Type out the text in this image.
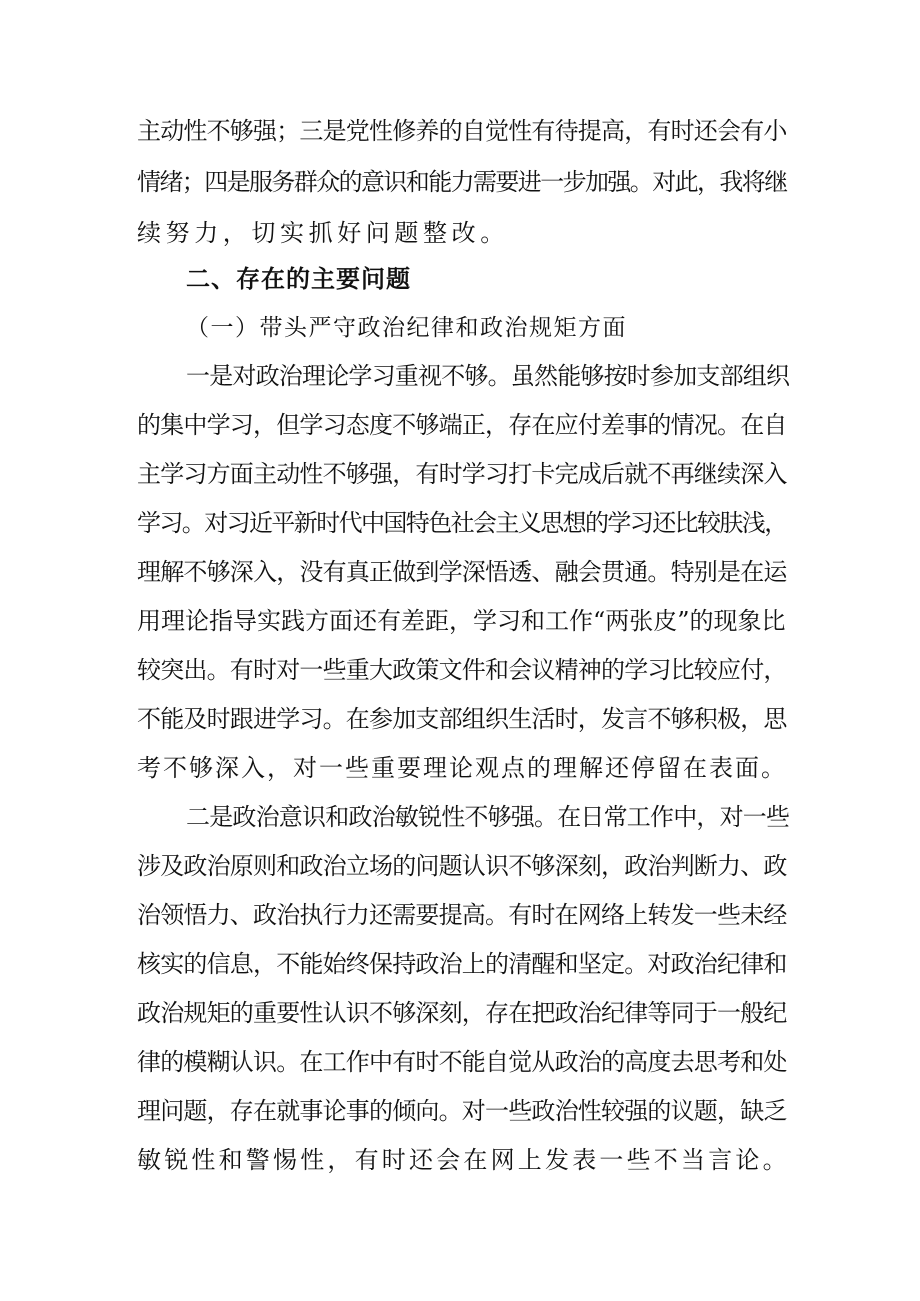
主动性不够强；三是党性修养的自觉性有待提高，有时还会有小
情绪；四是服务群众的意识和能力需要进一步加强。对此，我将继
续努力，切实抓好问题整改。
二、存在的主要问题
（一）带头严守政治纪律和政治规矩方面
一是对政治理论学习重视不够。虽然能够按时参加支部组织
的集中学习，但学习态度不够端正，存在应付差事的情况。在自
主学习方面主动性不够强，有时学习打卡完成后就不再继续深入
学习。对习近平新时代中国特色社会主义思想的学习还比较肤浅，
理解不够深入，没有真正做到学深悟透、融会贯通。特别是在运
用理论指导实践方面还有差距，学习和工作“两张皮”的现象比
较突出。有时对一些重大政策文件和会议精神的学习比较应付，
不能及时跟进学习。在参加支部组织生活时，发言不够积极，思
考不够深入，对一些重要理论观点的理解还停留在表面。
二是政治意识和政治敏锐性不够强。在日常工作中，对一些
涉及政治原则和政治立场的问题认识不够深刻，政治判断力、政
治领悟力、政治执行力还需要提高。有时在网络上转发一些未经
核实的信息，不能始终保持政治上的清醒和坚定。对政治纪律和
政治规矩的重要性认识不够深刻，存在把政治纪律等同于一般纪
律的模糊认识。在工作中有时不能自觉从政治的高度去思考和处
理问题，存在就事论事的倾向。对一些政治性较强的议题，缺乏
敏锐性和警惕性，有时还会在网上发表一些不当言论。
